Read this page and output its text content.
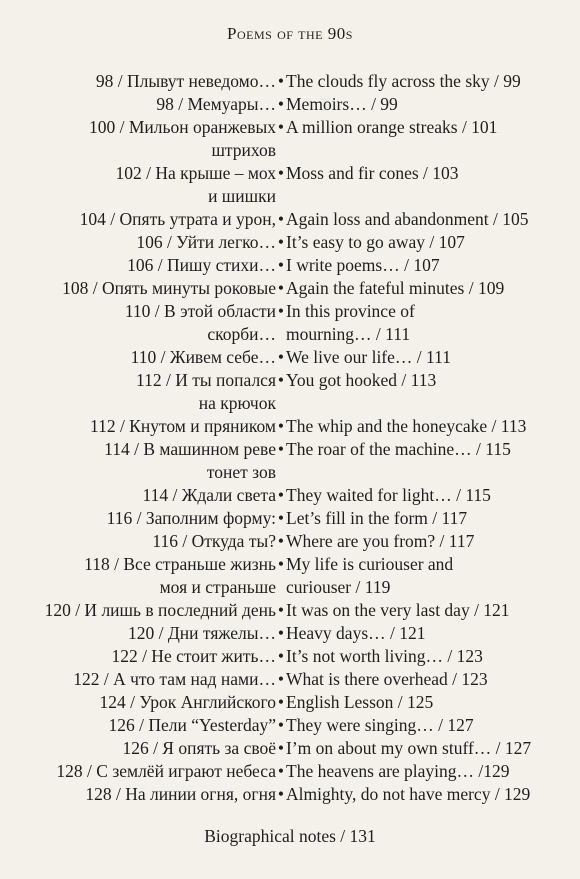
Poems of the 90s
98 / Плывут неведомо… • The clouds fly across the sky / 99
98 / Мемуары… • Memoirs… / 99
100 / Мильон оранжевых
штрихов
• A million orange streaks / 101
102 / На крыше – мох
и шишки
• Moss and fir cones / 103
104 / Опять утрата и урон, • Again loss and abandonment / 105
106 / Уйти легко… • It’s easy to go away / 107
106 / Пишу стихи… • I write poems… / 107
108 / Опять минуты роковые • Again the fateful minutes / 109
110 / В этой области
скорби…
• In this province of
mourning… / 111
110 / Живем себе… • We live our life… / 111
112 / И ты попался
на крючок
• You got hooked / 113
112 / Кнутом и пряником • The whip and the honeycake / 113
114 / В машинном реве
тонет зов
• The roar of the machine… / 115
114 / Ждали света • They waited for light… / 115
116 / Заполним форму: • Let’s fill in the form / 117
116 / Откуда ты? • Where are you from? / 117
118 / Все страньше жизнь
моя и страньше
• My life is curiouser and
curiouser / 119
120 / И лишь в последний день • It was on the very last day / 121
120 / Дни тяжелы… • Heavy days… / 121
122 / Не стоит жить… • It’s not worth living… / 123
122 / А что там над нами… • What is there overhead / 123
124 / Урок Английского • English Lesson / 125
126 / Пели “Yesterday” • They were singing… / 127
126 / Я опять за своё • I’m on about my own stuff… / 127
128 / С землёй играют небеса • The heavens are playing… /129
128 / На линии огня, огня • Almighty, do not have mercy / 129
Biographical notes / 131
